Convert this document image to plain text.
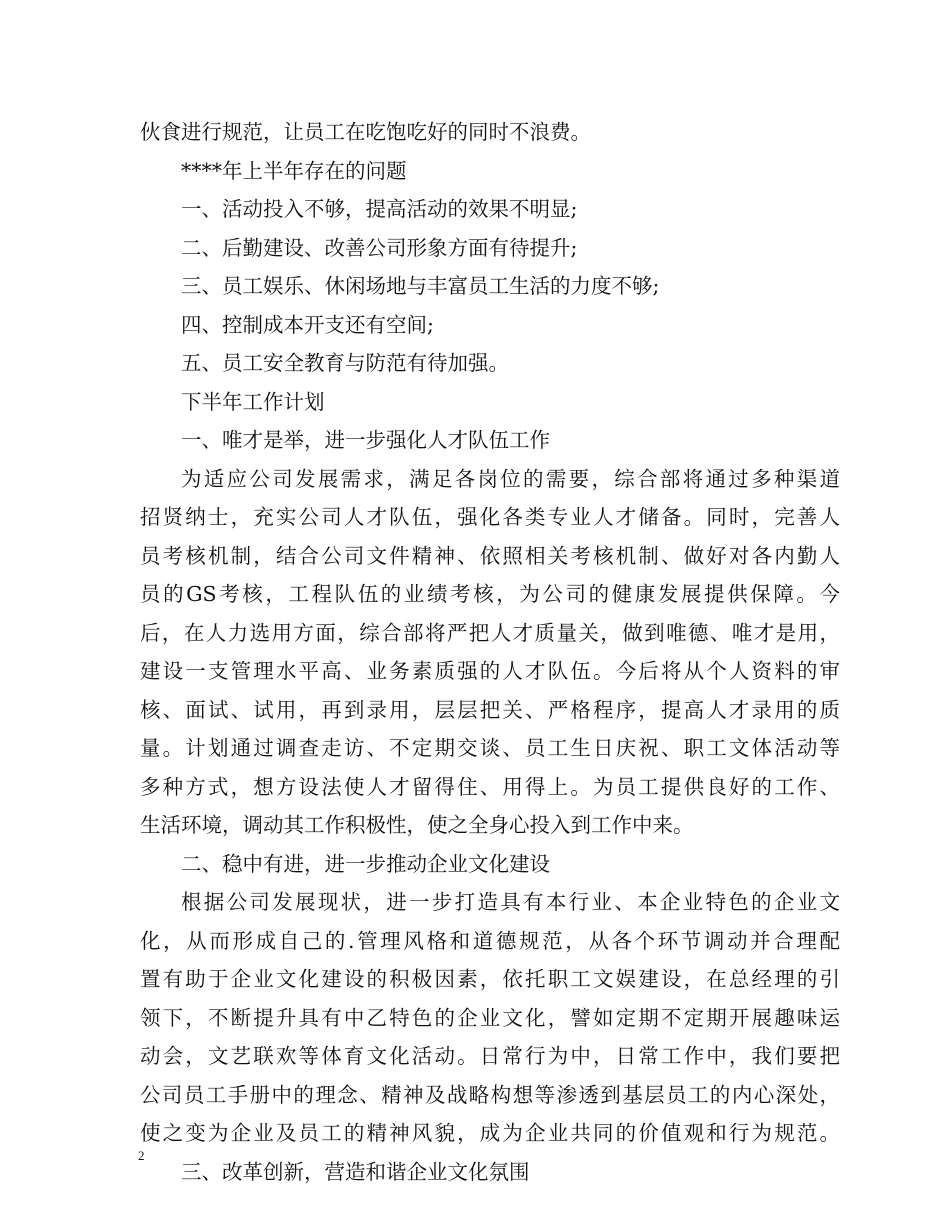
伙食进行规范，让员工在吃饱吃好的同时不浪费。
****年上半年存在的问题
一、活动投入不够，提高活动的效果不明显;
二、后勤建设、改善公司形象方面有待提升;
三、员工娱乐、休闲场地与丰富员工生活的力度不够;
四、控制成本开支还有空间;
五、员工安全教育与防范有待加强。
下半年工作计划
一、唯才是举，进一步强化人才队伍工作
为适应公司发展需求，满足各岗位的需要，综合部将通过多种渠道
招贤纳士，充实公司人才队伍，强化各类专业人才储备。同时，完善人
员考核机制，结合公司文件精神、依照相关考核机制、做好对各内勤人
员的GS考核，工程队伍的业绩考核，为公司的健康发展提供保障。今
后，在人力选用方面，综合部将严把人才质量关，做到唯德、唯才是用，
建设一支管理水平高、业务素质强的人才队伍。今后将从个人资料的审
核、面试、试用，再到录用，层层把关、严格程序，提高人才录用的质
量。计划通过调查走访、不定期交谈、员工生日庆祝、职工文体活动等
多种方式，想方设法使人才留得住、用得上。为员工提供良好的工作、
生活环境，调动其工作积极性，使之全身心投入到工作中来。
二、稳中有进，进一步推动企业文化建设
根据公司发展现状，进一步打造具有本行业、本企业特色的企业文
化，从而形成自己的.管理风格和道德规范，从各个环节调动并合理配
置有助于企业文化建设的积极因素，依托职工文娱建设，在总经理的引
领下，不断提升具有中乙特色的企业文化，譬如定期不定期开展趣味运
动会，文艺联欢等体育文化活动。日常行为中，日常工作中，我们要把
公司员工手册中的理念、精神及战略构想等渗透到基层员工的内心深处，
使之变为企业及员工的精神风貌，成为企业共同的价值观和行为规范。
三、改革创新，营造和谐企业文化氛围
2
